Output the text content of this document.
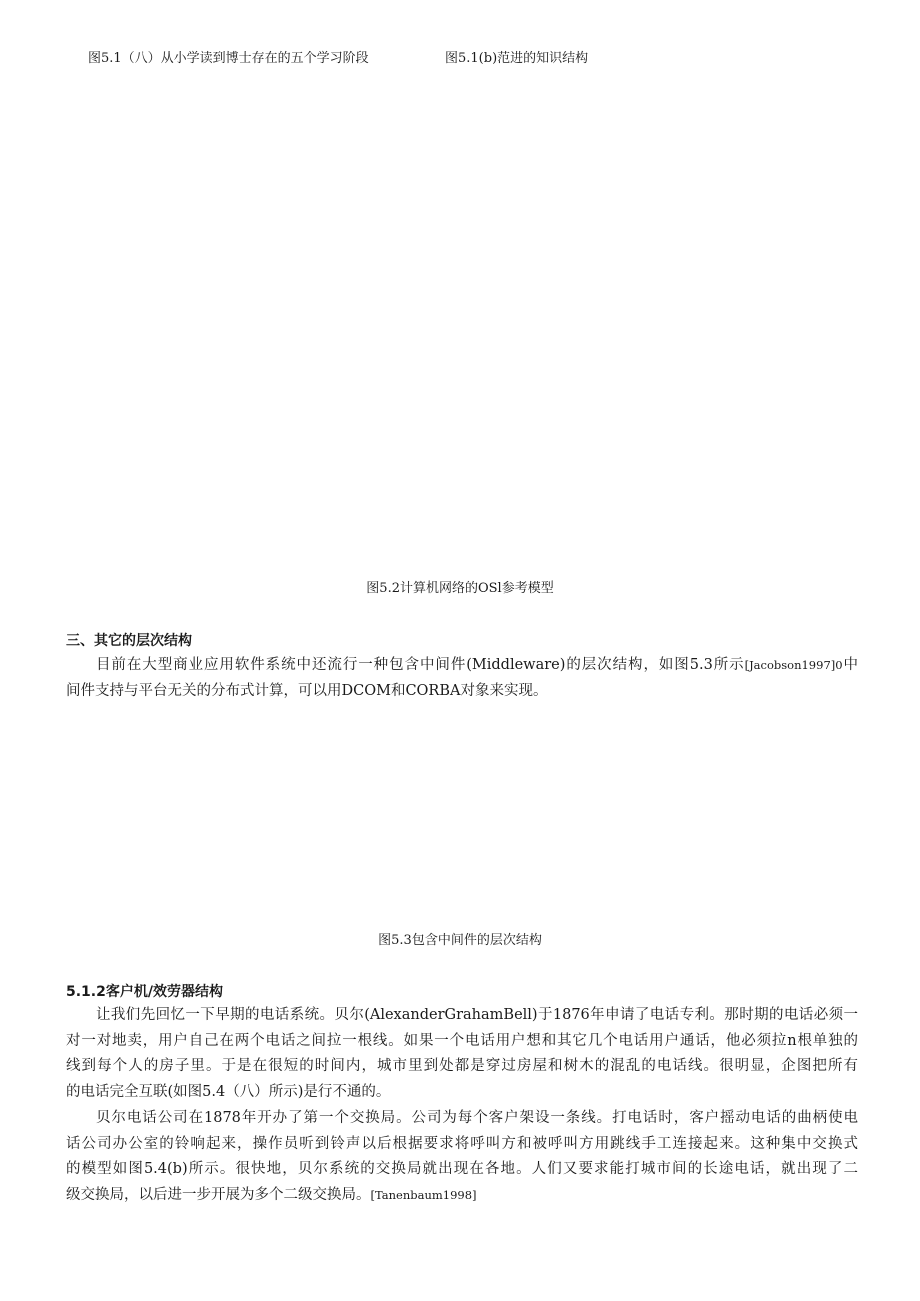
图5.1（八）从小学读到博士存在的五个学习阶段	图5.1(b)范进的知识结构
图5.2计算机网络的OSl参考模型
三、其它的层次结构
目前在大型商业应用软件系统中还流行一种包含中间件(Middleware)的层次结构，如图5.3所示[Jacobson1997]0中
间件支持与平台无关的分布式计算，可以用DCOM和CORBA对象来实现。
图5.3包含中间件的层次结构
5.1.2客户机/效劳器结构
让我们先回忆一下早期的电话系统。贝尔(AlexanderGrahamBell)于1876年申请了电话专利。那时期的电话必须一
对一对地卖，用户自己在两个电话之间拉一根线。如果一个电话用户想和其它几个电话用户通话，他必须拉n根单独的
线到每个人的房子里。于是在很短的时间内，城市里到处都是穿过房屋和树木的混乱的电话线。很明显，企图把所有
的电话完全互联(如图5.4（八）所示)是行不通的。
贝尔电话公司在1878年开办了第一个交换局。公司为每个客户架设一条线。打电话时，客户摇动电话的曲柄使电
话公司办公室的铃响起来，操作员听到铃声以后根据要求将呼叫方和被呼叫方用跳线手工连接起来。这种集中交换式
的模型如图5.4(b)所示。很快地，贝尔系统的交换局就出现在各地。人们又要求能打城市间的长途电话，就出现了二
级交换局，以后进一步开展为多个二级交换局。[Tanenbaum1998]
